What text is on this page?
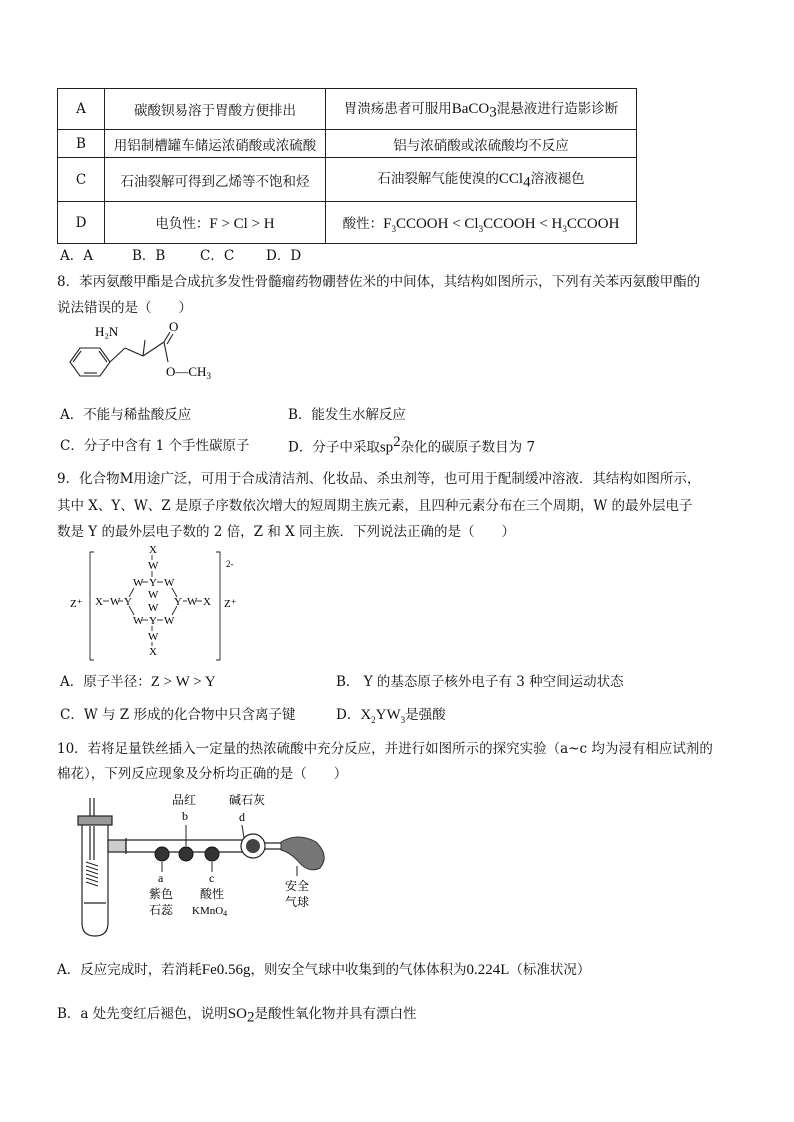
A	碳酸钡易溶于胃酸方便排出	胃溃疡患者可服用BaCO$_3$混悬液进行造影诊断
B	用铝制槽罐车储运浓硝酸或浓硫酸	铝与浓硝酸或浓硫酸均不反应
C	石油裂解可得到乙烯等不饱和烃	石油裂解气能使溴的CCl$_4$溶液褪色
D	电负性：F > Cl > H	酸性：$F_3CCOOH$ < $Cl_3CCOOH$ < $H_3CCOOH$
A．A	B．B	C．C D．D
8．苯丙氨酸甲酯是合成抗多发性骨髓瘤药物硼替佐米的中间体，其结构如图所示，下列有关苯丙氨酸甲酯的
说法错误的是（　　）
H₂N	O
$O—CH_3$
A．不能与稀盐酸反应	B．能发生水解反应
C．分子中含有 1 个手性碳原子	D．分子中采取$sp^2$杂化的碳原子数目为 7
9．化合物M用途广泛，可用于合成清洁剂、化妆品、杀虫剂等，也可用于配制缓冲溶液．其结构如图所示，
其中 X、Y、W、Z 是原子序数依次增大的短周期主族元素，且四种元素分布在三个周期，W 的最外层电子
数是 Y 的最外层电子数的 2 倍，Z 和 X 同主族．下列说法正确的是（　　）
Z⁺	Z⁺
2-
X
W
W Y W
X W Y
W
W Y W X
W Y W
W
X
A．原子半径：Z > W > Y	B． Y 的基态原子核外电子有 3 种空间运动状态
C．W 与 Z 形成的化合物中只含离子键	D．$X_2YW_3$是强酸
10．若将足量铁丝插入一定量的热浓硫酸中充分反应，并进行如图所示的探究实验（a~c 均为浸有相应试剂的
棉花），下列反应现象及分析均正确的是（　　）
品红
b
碱石灰
d
a
紫色
石蕊
c
酸性
KMnO4
安全
气球
A．反应完成时，若消耗Fe0.56g，则安全气球中收集到的气体体积为0.224L（标准状况）
B．a 处先变红后褪色，说明$SO_2$是酸性氧化物并具有漂白性
